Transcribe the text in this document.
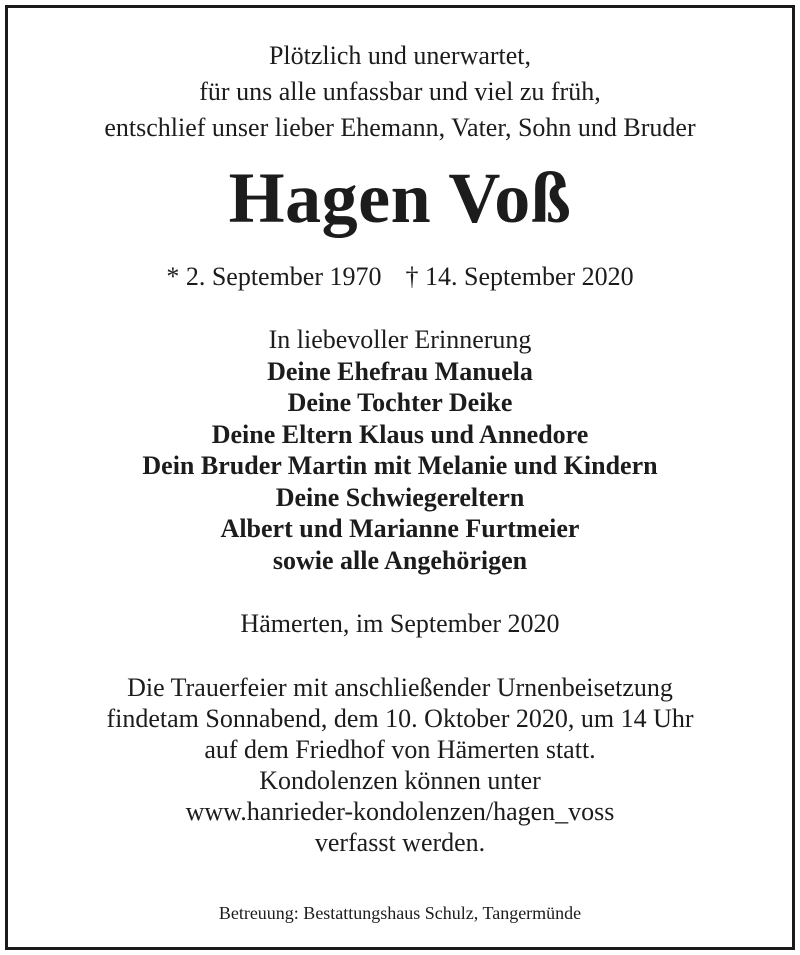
Plötzlich und unerwartet,
für uns alle unfassbar und viel zu früh,
entschlief unser lieber Ehemann, Vater, Sohn und Bruder
Hagen Voß
* 2. September 1970 † 14. September 2020
In liebevoller Erinnerung
Deine Ehefrau Manuela
Deine Tochter Deike
Deine Eltern Klaus und Annedore
Dein Bruder Martin mit Melanie und Kindern
Deine Schwiegereltern
Albert und Marianne Furtmeier
sowie alle Angehörigen
Hämerten, im September 2020
Die Trauerfeier mit anschließender Urnenbeisetzung
findetam Sonnabend, dem 10. Oktober 2020, um 14 Uhr
auf dem Friedhof von Hämerten statt.
Kondolenzen können unter
www.hanrieder-kondolenzen/hagen_voss
verfasst werden.
Betreuung: Bestattungshaus Schulz, Tangermünde
